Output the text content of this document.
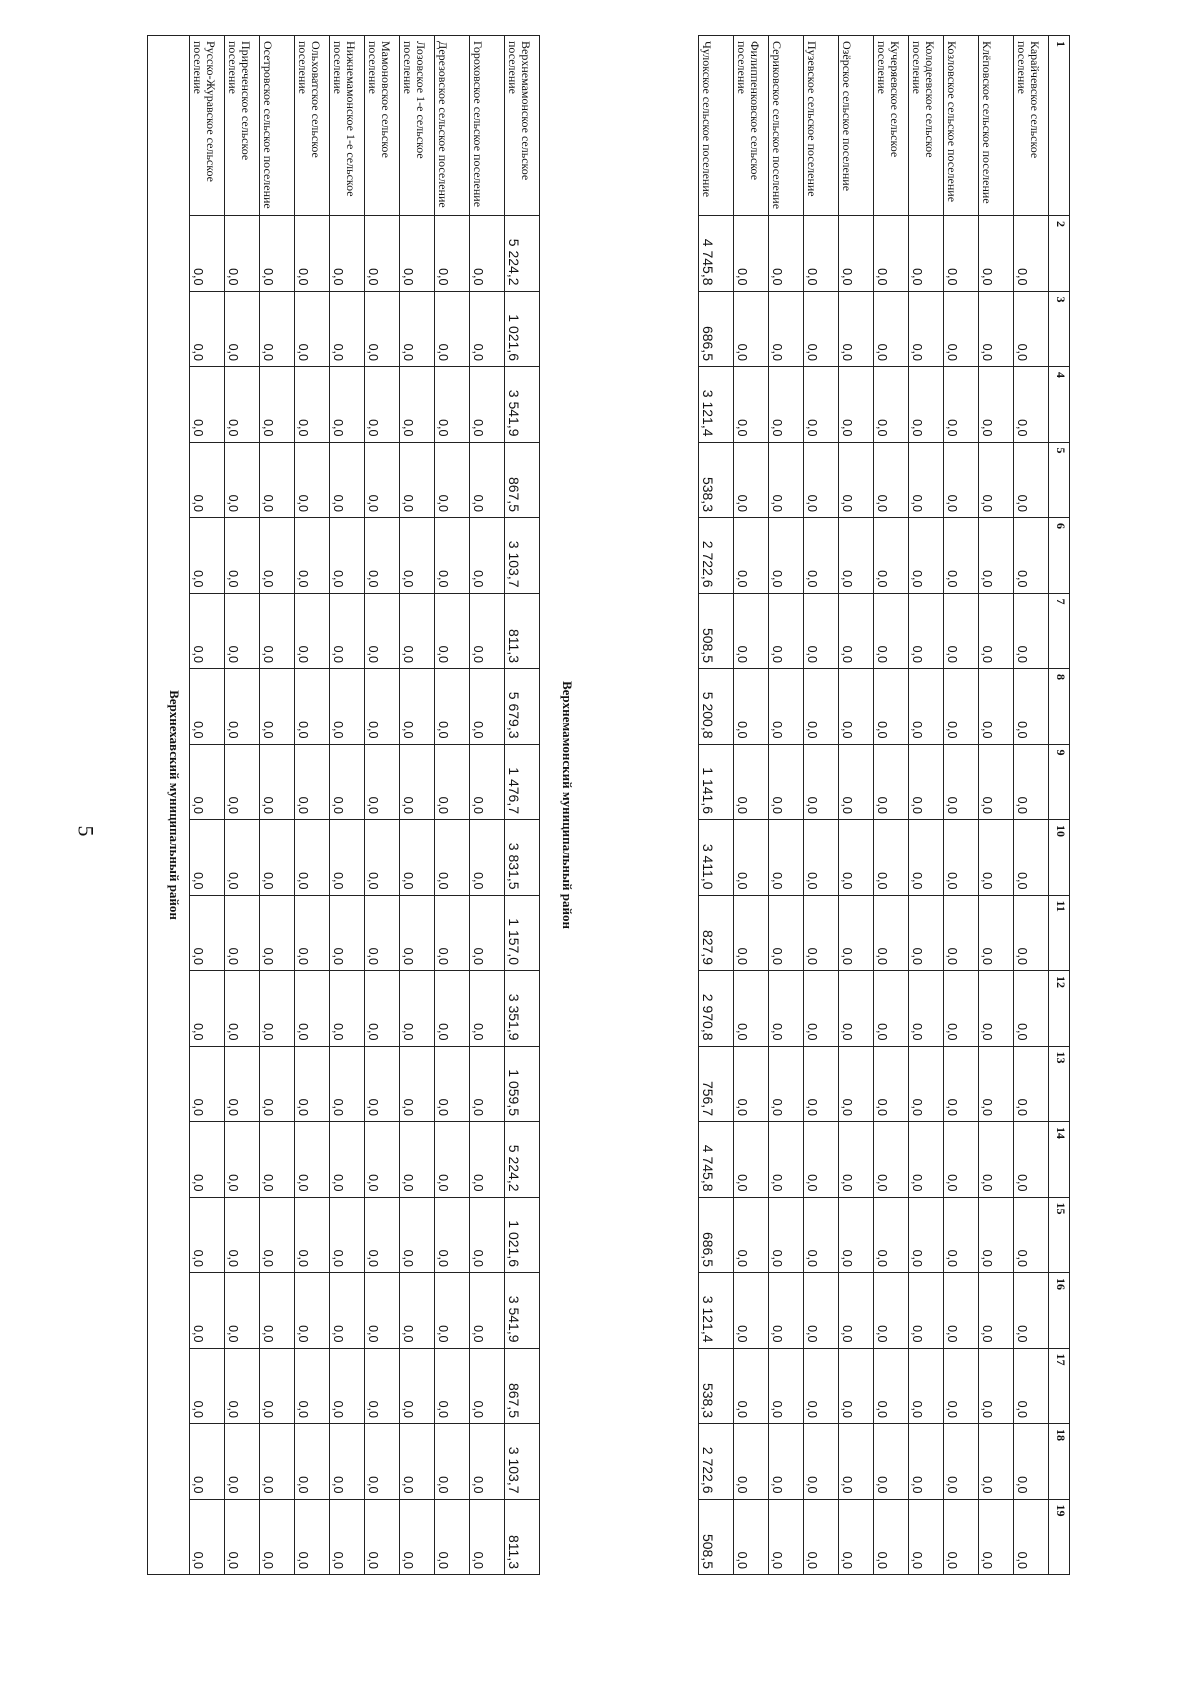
5
1	2	3	4	5	6	7	8	9	10	11	12	13	14	15	16	17	18	19
Карайчевское сельское поселение	0,0	0,0	0,0	0,0	0,0	0,0	0,0	0,0	0,0	0,0	0,0	0,0	0,0	0,0	0,0	0,0	0,0	0,0
Клёповское сельское поселение	0,0	0,0	0,0	0,0	0,0	0,0	0,0	0,0	0,0	0,0	0,0	0,0	0,0	0,0	0,0	0,0	0,0	0,0
Козловское сельское поселение	0,0	0,0	0,0	0,0	0,0	0,0	0,0	0,0	0,0	0,0	0,0	0,0	0,0	0,0	0,0	0,0	0,0	0,0
Колодеевское сельское поселение	0,0	0,0	0,0	0,0	0,0	0,0	0,0	0,0	0,0	0,0	0,0	0,0	0,0	0,0	0,0	0,0	0,0	0,0
Кучеряевское сельское поселение	0,0	0,0	0,0	0,0	0,0	0,0	0,0	0,0	0,0	0,0	0,0	0,0	0,0	0,0	0,0	0,0	0,0	0,0
Озёрское сельское поселение	0,0	0,0	0,0	0,0	0,0	0,0	0,0	0,0	0,0	0,0	0,0	0,0	0,0	0,0	0,0	0,0	0,0	0,0
Пузевское сельское поселение	0,0	0,0	0,0	0,0	0,0	0,0	0,0	0,0	0,0	0,0	0,0	0,0	0,0	0,0	0,0	0,0	0,0	0,0
Сериковское сельское поселение	0,0	0,0	0,0	0,0	0,0	0,0	0,0	0,0	0,0	0,0	0,0	0,0	0,0	0,0	0,0	0,0	0,0	0,0
Филиппенковское сельское поселение	0,0	0,0	0,0	0,0	0,0	0,0	0,0	0,0	0,0	0,0	0,0	0,0	0,0	0,0	0,0	0,0	0,0	0,0
Чулокское сельское поселение	4 745,8	686,5	3 121,4	538,3	2 722,6	508,5	5 200,8	1 141,6	3 411,0	827,9	2 970,8	756,7	4 745,8	686,5	3 121,4	538,3	2 722,6	508,5
Верхнемамонский муниципальный район
Верхнемамонское сельское поселение	5 224,2	1 021,6	3 541,9	867,5	3 103,7	811,3	5 679,3	1 476,7	3 831,5	1 157,0	3 351,9	1 059,5	5 224,2	1 021,6	3 541,9	867,5	3 103,7	811,3
Гороховское сельское поселение	0,0	0,0	0,0	0,0	0,0	0,0	0,0	0,0	0,0	0,0	0,0	0,0	0,0	0,0	0,0	0,0	0,0	0,0
Дерезовское сельское поселение	0,0	0,0	0,0	0,0	0,0	0,0	0,0	0,0	0,0	0,0	0,0	0,0	0,0	0,0	0,0	0,0	0,0	0,0
Лозовское 1-е сельское поселение	0,0	0,0	0,0	0,0	0,0	0,0	0,0	0,0	0,0	0,0	0,0	0,0	0,0	0,0	0,0	0,0	0,0	0,0
Мамоновское сельское поселение	0,0	0,0	0,0	0,0	0,0	0,0	0,0	0,0	0,0	0,0	0,0	0,0	0,0	0,0	0,0	0,0	0,0	0,0
Нижнемамонское 1-е сельское поселение	0,0	0,0	0,0	0,0	0,0	0,0	0,0	0,0	0,0	0,0	0,0	0,0	0,0	0,0	0,0	0,0	0,0	0,0
Ольховатское сельское поселение	0,0	0,0	0,0	0,0	0,0	0,0	0,0	0,0	0,0	0,0	0,0	0,0	0,0	0,0	0,0	0,0	0,0	0,0
Осетровское сельское поселение	0,0	0,0	0,0	0,0	0,0	0,0	0,0	0,0	0,0	0,0	0,0	0,0	0,0	0,0	0,0	0,0	0,0	0,0
Приреченское сельское поселение	0,0	0,0	0,0	0,0	0,0	0,0	0,0	0,0	0,0	0,0	0,0	0,0	0,0	0,0	0,0	0,0	0,0	0,0
Русско-Журавское сельское поселение	0,0	0,0	0,0	0,0	0,0	0,0	0,0	0,0	0,0	0,0	0,0	0,0	0,0	0,0	0,0	0,0	0,0	0,0
Верхнехавский муниципальный район
